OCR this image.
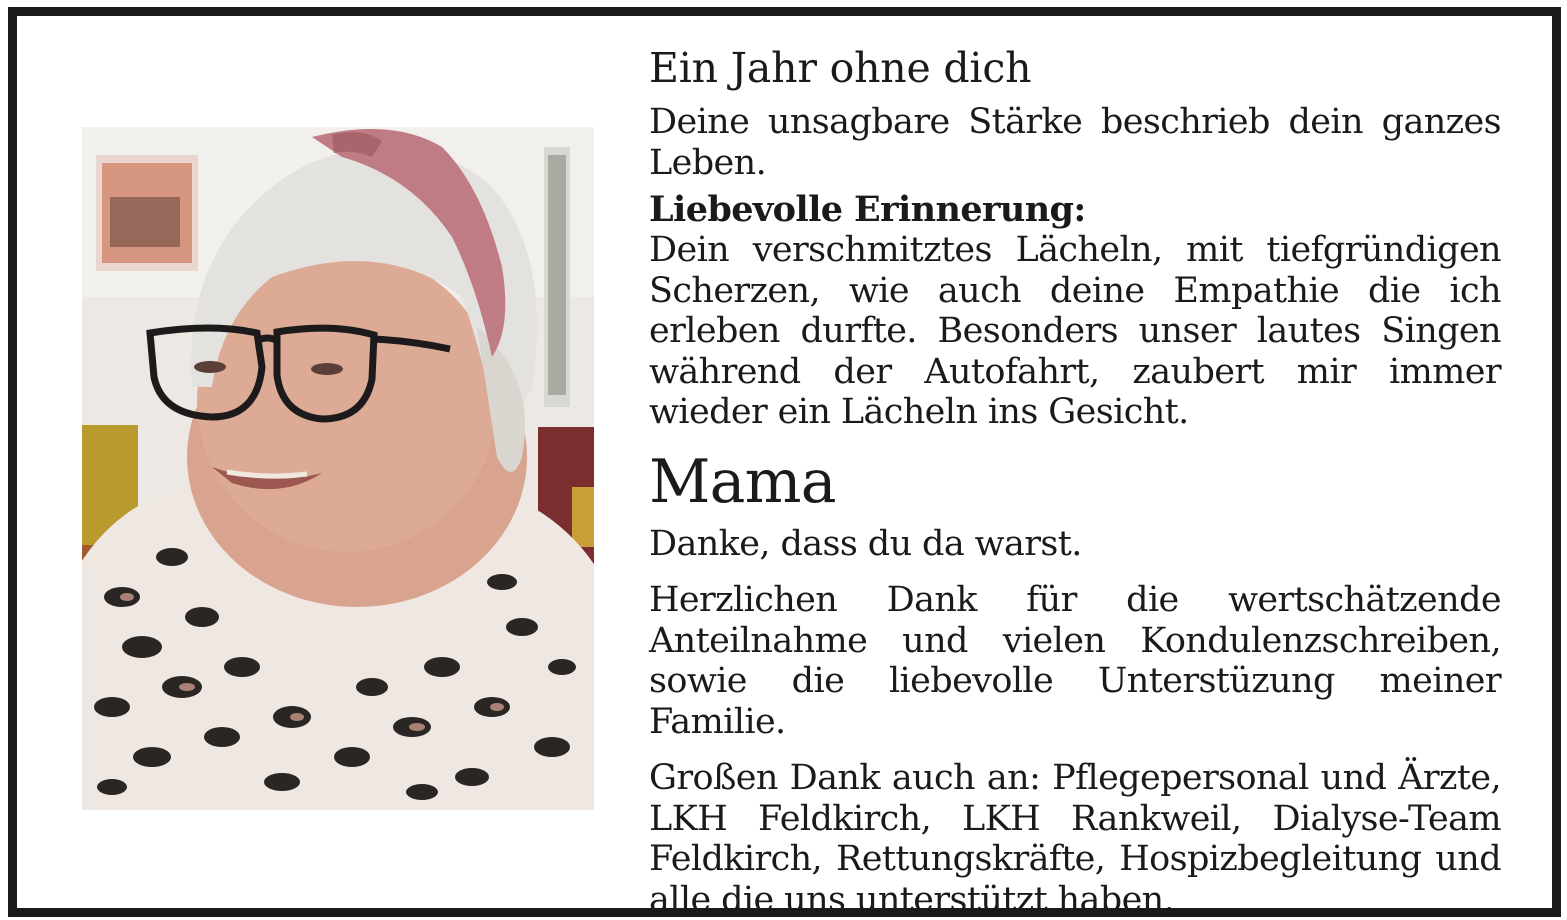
Ein Jahr ohne dich

Deine unsagbare Stärke beschrieb dein ganzes Leben.

Liebevolle Erinnerung:

Dein verschmitztes Lächeln, mit tiefgründigen Scherzen, wie auch deine Empathie die ich erleben durfte. Besonders unser lautes Singen während der Autofahrt, zaubert mir immer wieder ein Lächeln ins Gesicht.

Mama

Danke, dass du da warst.

Herzlichen Dank für die wertschätzende Anteilnahme und vielen Kondulenzschreiben, sowie die liebevolle Unterstüzung meiner Familie.

Großen Dank auch an: Pflegepersonal und Ärzte, LKH Feldkirch, LKH Rankweil, Dialyse-Team Feldkirch, Rettungskräfte, Hospizbegleitung und alle die uns unterstützt haben.
